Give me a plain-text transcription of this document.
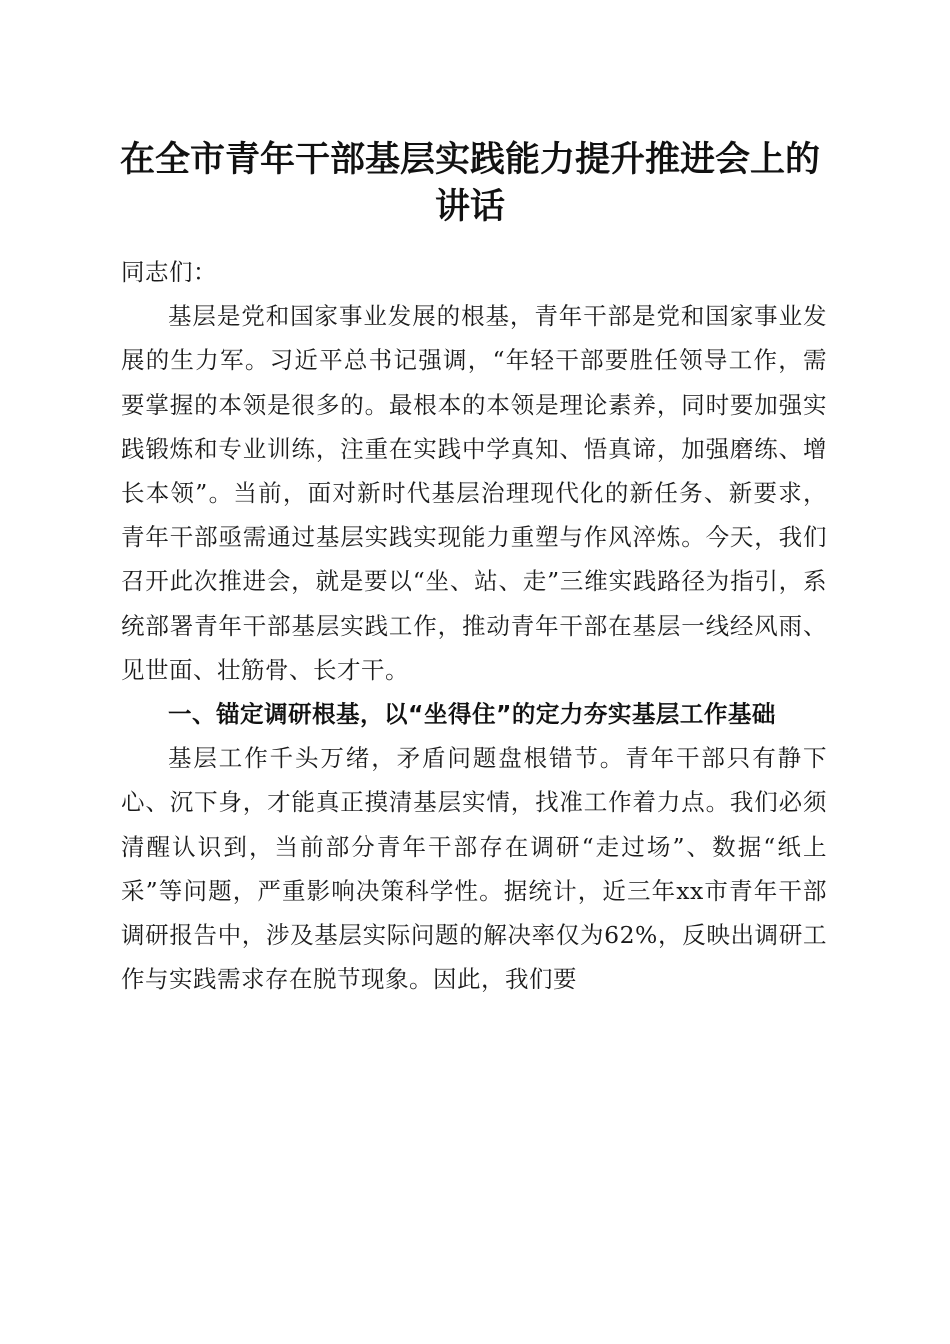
在全市青年干部基层实践能力提升推进会上的讲话

同志们：

基层是党和国家事业发展的根基，青年干部是党和国家事业发展的生力军。习近平总书记强调，“年轻干部要胜任领导工作，需要掌握的本领是很多的。最根本的本领是理论素养，同时要加强实践锻炼和专业训练，注重在实践中学真知、悟真谛，加强磨练、增长本领”。当前，面对新时代基层治理现代化的新任务、新要求，青年干部亟需通过基层实践实现能力重塑与作风淬炼。今天，我们召开此次推进会，就是要以“坐、站、走”三维实践路径为指引，系统部署青年干部基层实践工作，推动青年干部在基层一线经风雨、见世面、壮筋骨、长才干。

一、锚定调研根基，以“坐得住”的定力夯实基层工作基础

基层工作千头万绪，矛盾问题盘根错节。青年干部只有静下心、沉下身，才能真正摸清基层实情，找准工作着力点。我们必须清醒认识到，当前部分青年干部存在调研“走过场”、数据“纸上采”等问题，严重影响决策科学性。据统计，近三年xx市青年干部调研报告中，涉及基层实际问题的解决率仅为62%，反映出调研工作与实践需求存在脱节现象。因此，我们要
